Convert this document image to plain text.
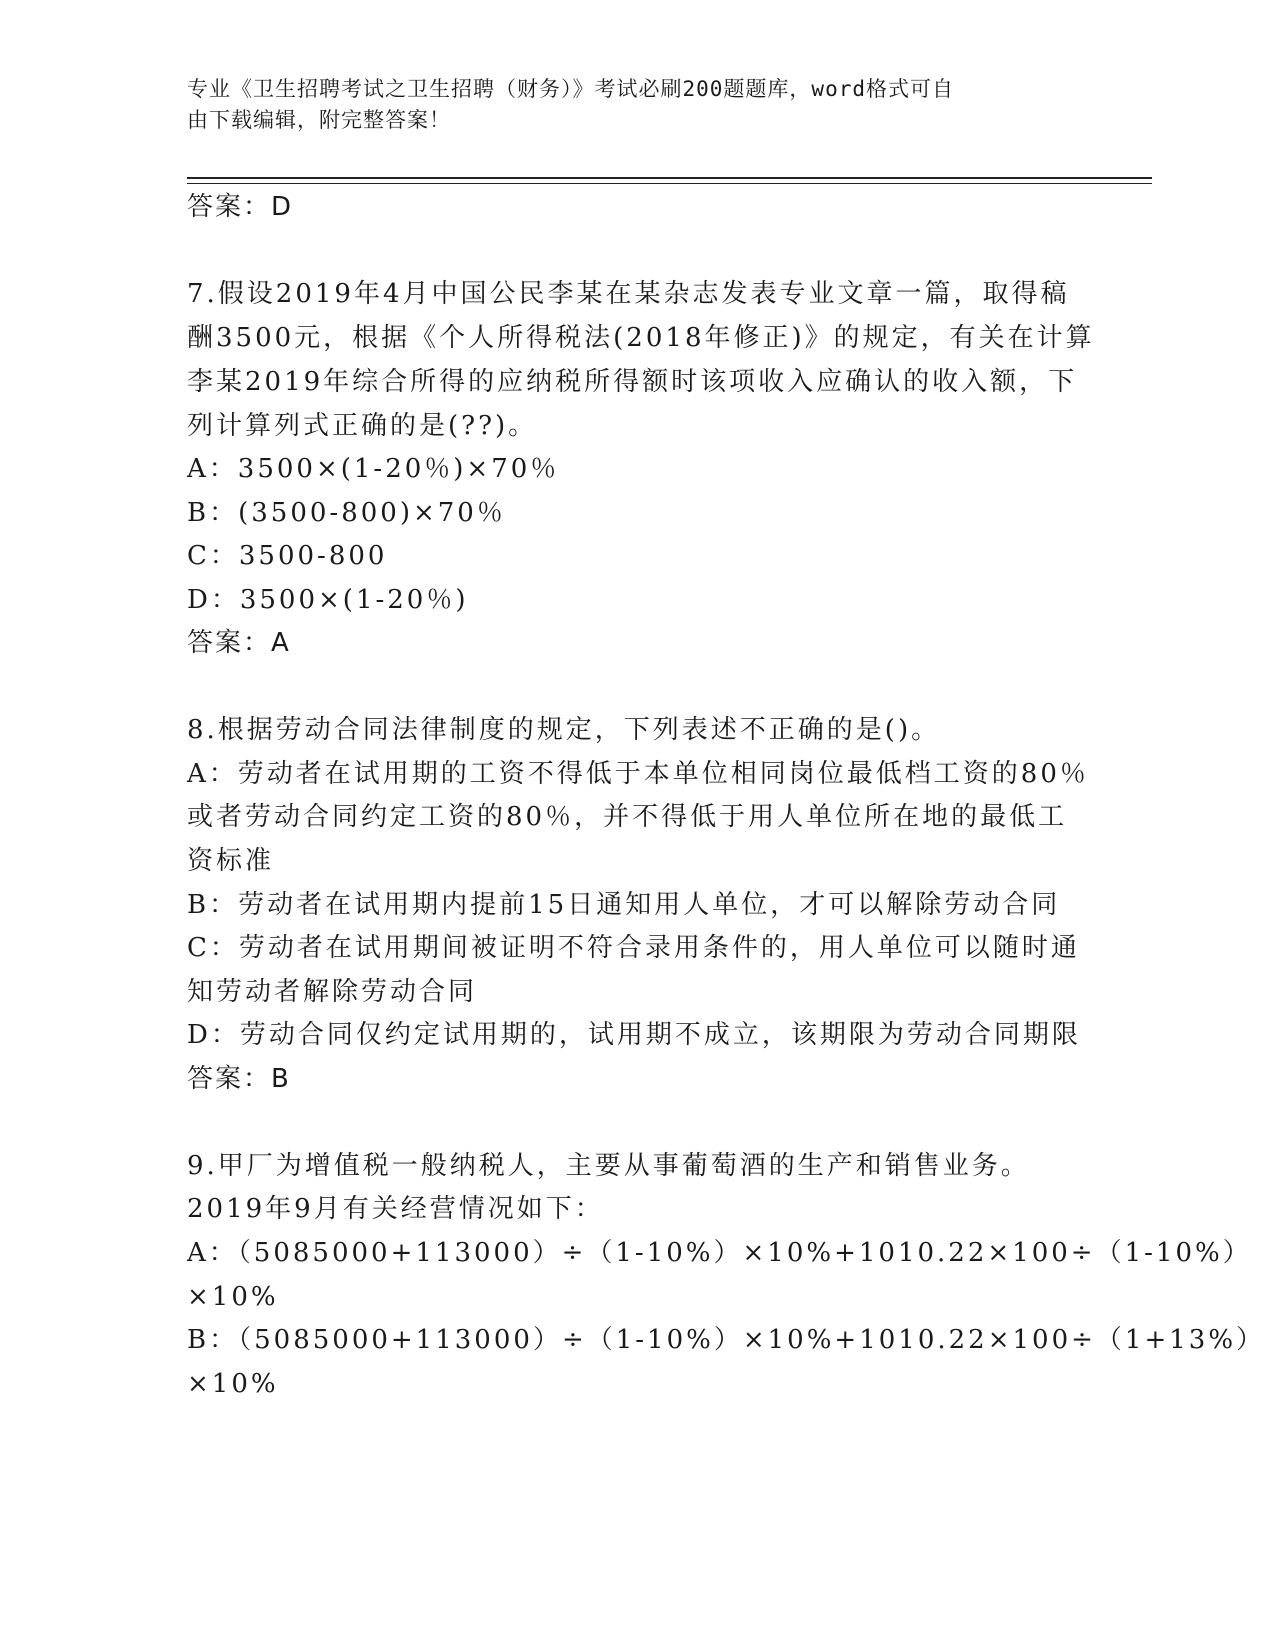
专业《卫生招聘考试之卫生招聘（财务）》考试必刷200题题库，word格式可自
由下载编辑，附完整答案！
答案：D
7.假设2019年4月中国公民李某在某杂志发表专业文章一篇，取得稿
酬3500元，根据《个人所得税法(2018年修正)》的规定，有关在计算
李某2019年综合所得的应纳税所得额时该项收入应确认的收入额，下
列计算列式正确的是(??)。
A：3500×(1-20％)×70％
B：(3500-800)×70％
C：3500-800
D：3500×(1-20％)
答案：A
8.根据劳动合同法律制度的规定，下列表述不正确的是()。
A：劳动者在试用期的工资不得低于本单位相同岗位最低档工资的80％
或者劳动合同约定工资的80％，并不得低于用人单位所在地的最低工
资标准
B：劳动者在试用期内提前15日通知用人单位，才可以解除劳动合同
C：劳动者在试用期间被证明不符合录用条件的，用人单位可以随时通
知劳动者解除劳动合同
D：劳动合同仅约定试用期的，试用期不成立，该期限为劳动合同期限
答案：B
9.甲厂为增值税一般纳税人，主要从事葡萄酒的生产和销售业务。
2019年9月有关经营情况如下：
A：（5085000+113000）÷（1-10%）×10%+1010.22×100÷（1-10%）
×10%
B：（5085000+113000）÷（1-10%）×10%+1010.22×100÷（1+13%）
×10%
